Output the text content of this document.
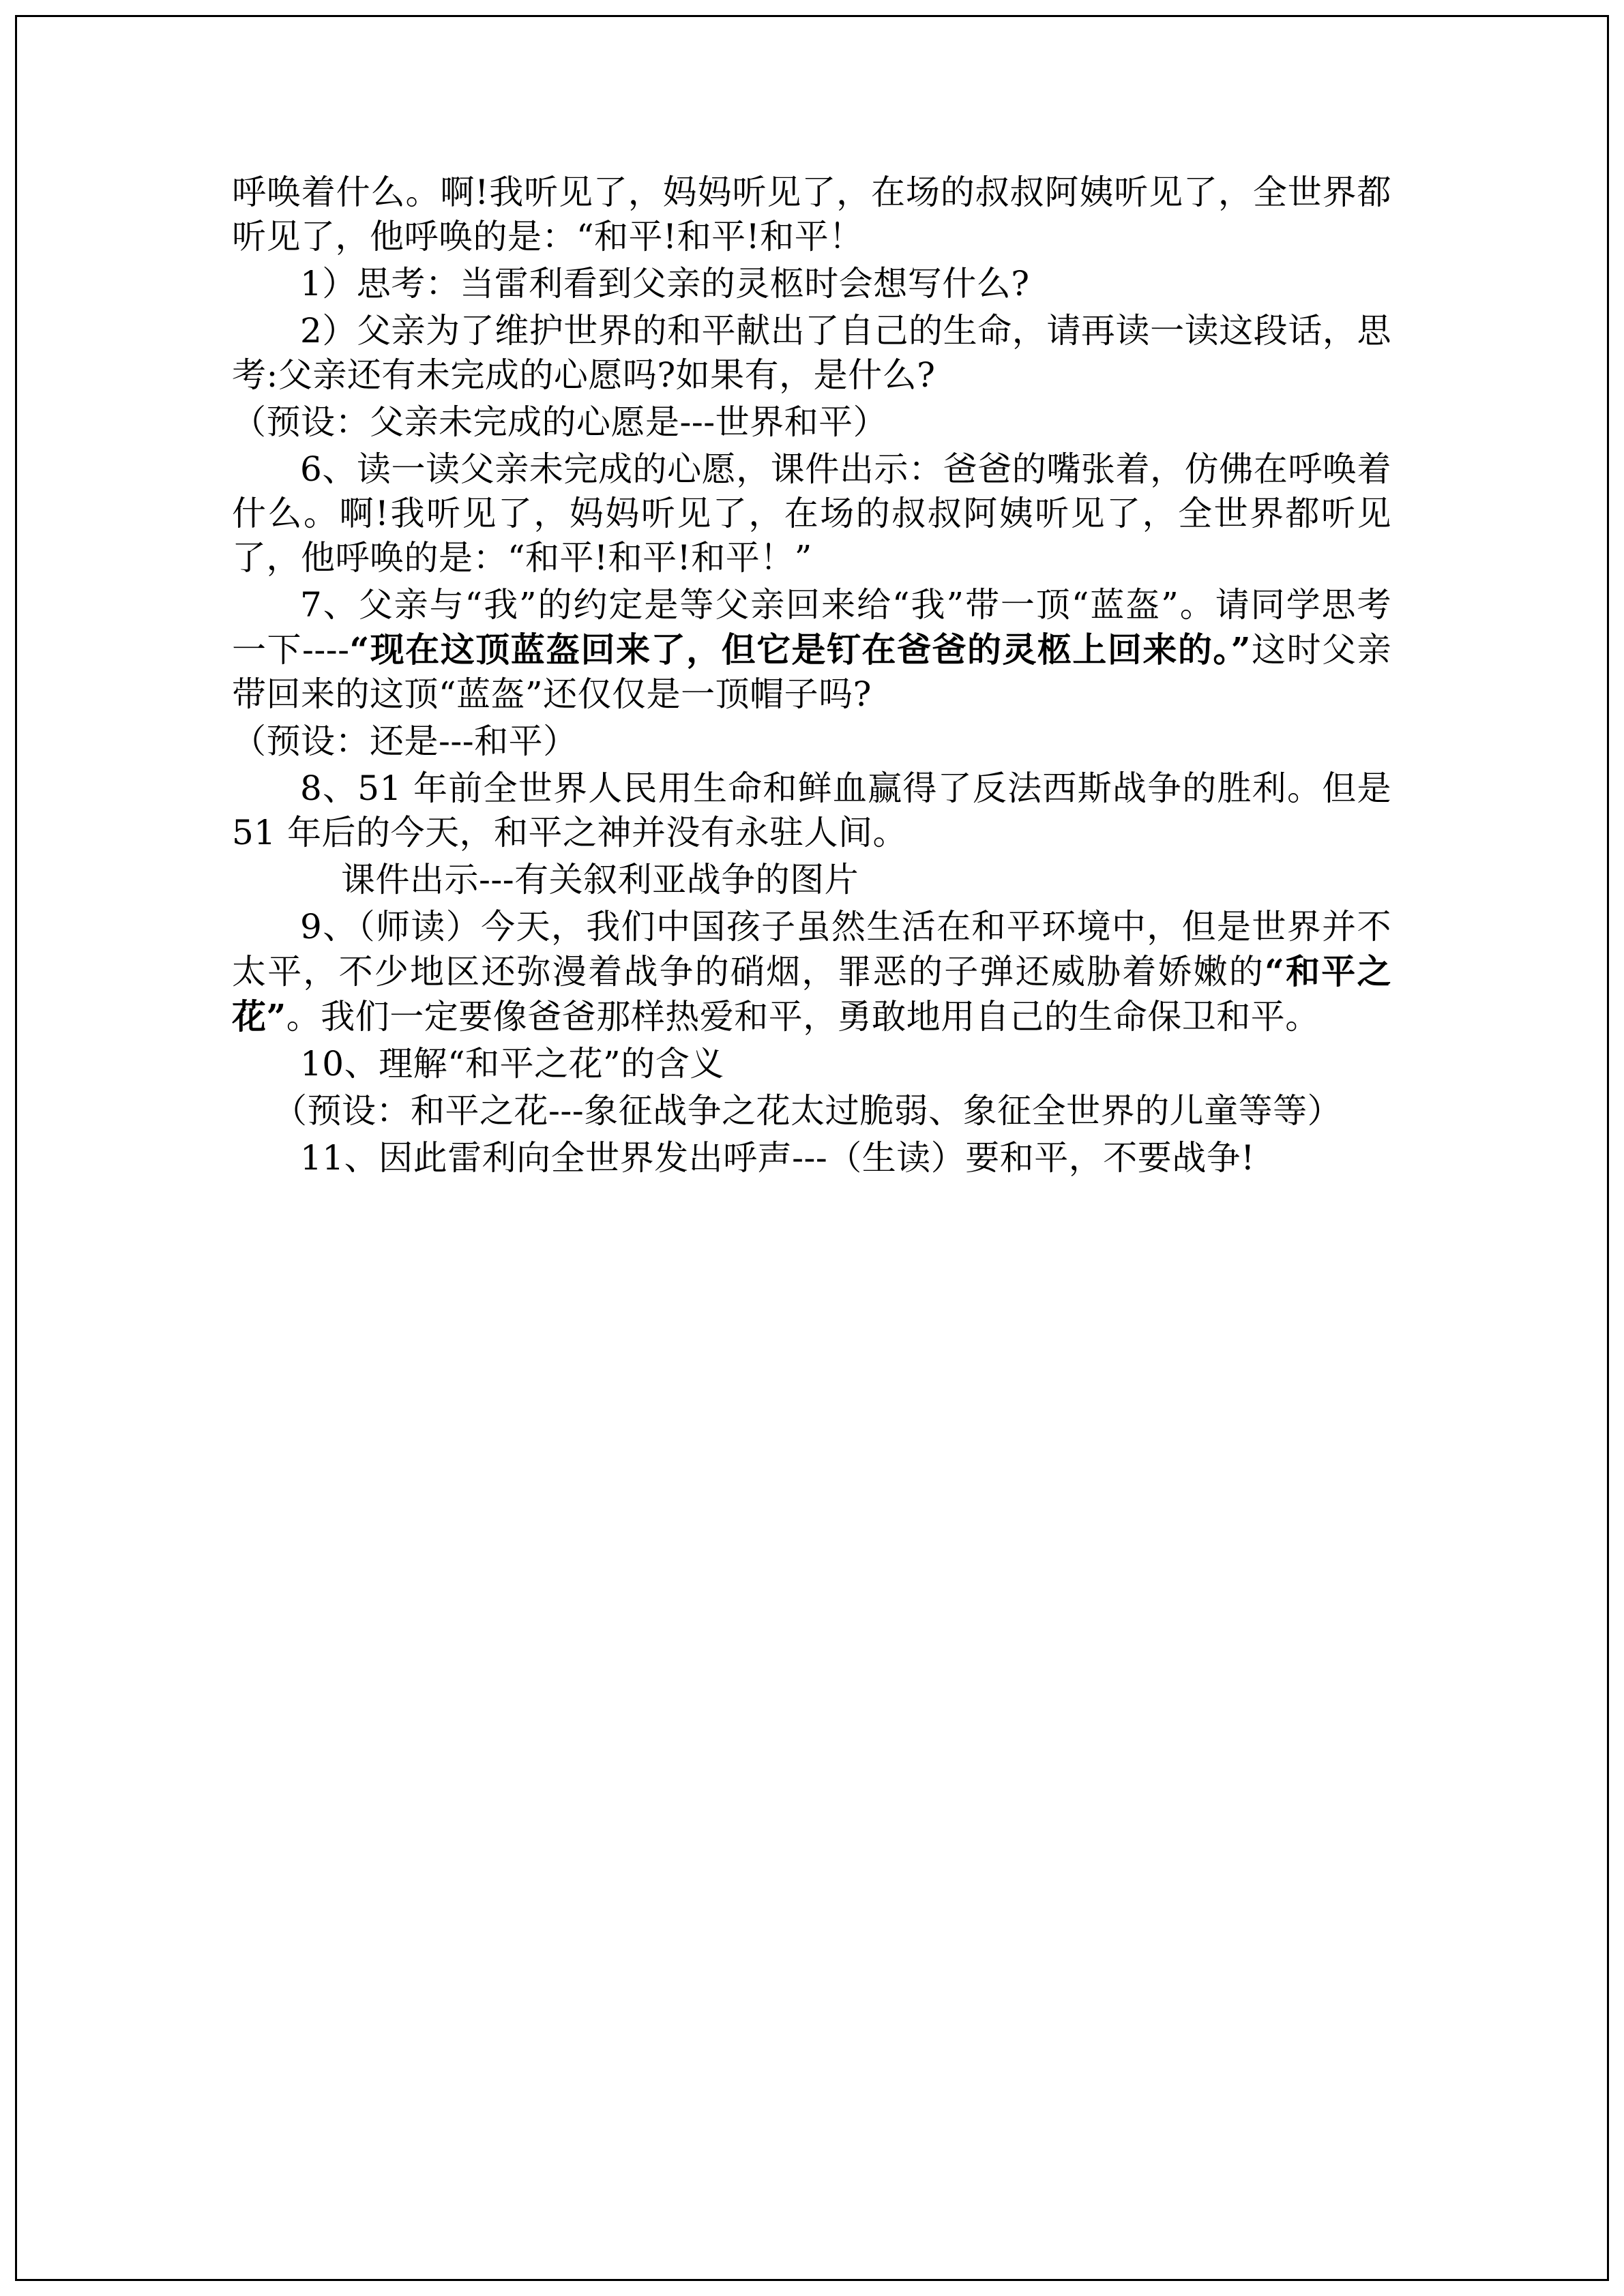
呼唤着什么。啊!我听见了，妈妈听见了，在场的叔叔阿姨听见了，全世界都听见了，他呼唤的是：“和平!和平!和平！

1）思考：当雷利看到父亲的灵柩时会想写什么?

2）父亲为了维护世界的和平献出了自己的生命，请再读一读这段话，思考:父亲还有未完成的心愿吗?如果有，是什么?

（预设：父亲未完成的心愿是---世界和平）

6、读一读父亲未完成的心愿，课件出示：爸爸的嘴张着，仿佛在呼唤着什么。啊!我听见了，妈妈听见了，在场的叔叔阿姨听见了，全世界都听见了，他呼唤的是：“和平!和平!和平！”

7、父亲与“我”的约定是等父亲回来给“我”带一顶“蓝盔”。请同学思考一下----“现在这顶蓝盔回来了，但它是钉在爸爸的灵柩上回来的。”这时父亲带回来的这顶“蓝盔”还仅仅是一顶帽子吗?

（预设：还是---和平）

8、51 年前全世界人民用生命和鲜血赢得了反法西斯战争的胜利。但是 51 年后的今天，和平之神并没有永驻人间。

课件出示---有关叙利亚战争的图片

9、（师读）今天，我们中国孩子虽然生活在和平环境中，但是世界并不太平，不少地区还弥漫着战争的硝烟，罪恶的子弹还威胁着娇嫩的“和平之花”。我们一定要像爸爸那样热爱和平，勇敢地用自己的生命保卫和平。

10、理解“和平之花”的含义

（预设：和平之花---象征战争之花太过脆弱、象征全世界的儿童等等）

11、因此雷利向全世界发出呼声---（生读）要和平，不要战争!
